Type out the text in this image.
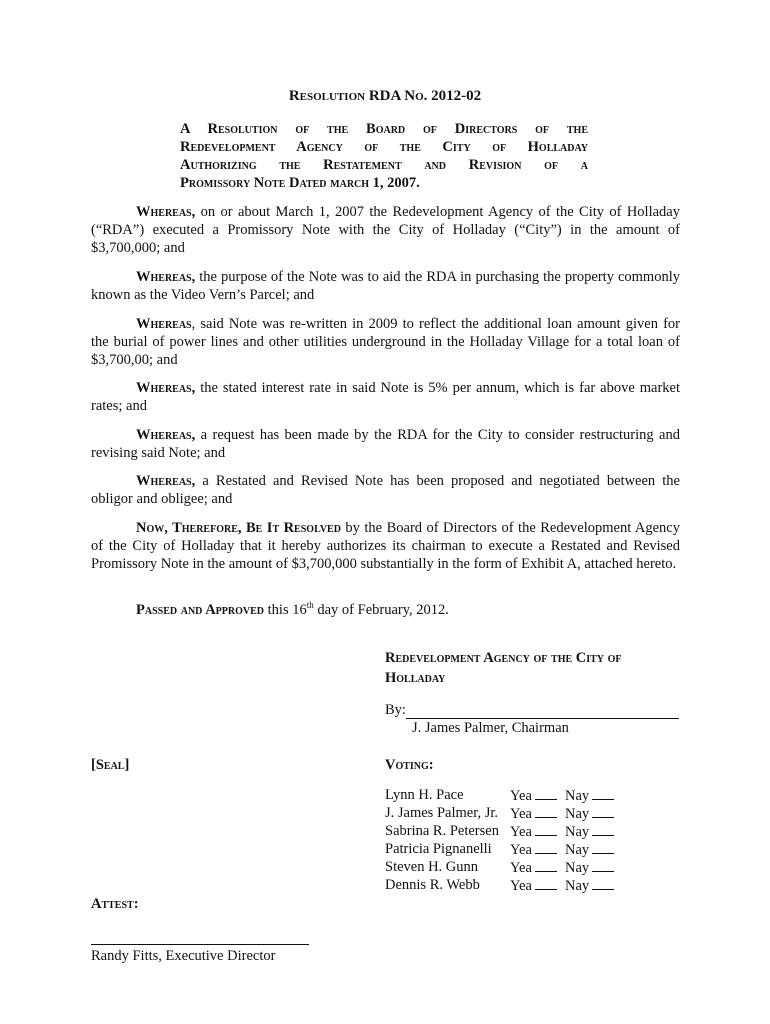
Resolution RDA No. 2012-02
A Resolution of the Board of Directors of the
Redevelopment Agency of the City of Holladay
Authorizing the Restatement and Revision of a
Promissory Note Dated march 1, 2007.
Whereas, on or about March 1, 2007 the Redevelopment Agency of the City of Holladay (“RDA”) executed a Promissory Note with the City of Holladay (“City”) in the amount of $3,700,000; and
Whereas, the purpose of the Note was to aid the RDA in purchasing the property commonly known as the Video Vern’s Parcel; and
Whereas, said Note was re-written in 2009 to reflect the additional loan amount given for the burial of power lines and other utilities underground in the Holladay Village for a total loan of $3,700,00; and
Whereas, the stated interest rate in said Note is 5% per annum, which is far above market rates; and
Whereas, a request has been made by the RDA for the City to consider restructuring and revising said Note; and
Whereas, a Restated and Revised Note has been proposed and negotiated between the obligor and obligee; and
Now, Therefore, Be It Resolved by the Board of Directors of the Redevelopment Agency of the City of Holladay that it hereby authorizes its chairman to execute a Restated and Revised Promissory Note in the amount of $3,700,000 substantially in the form of Exhibit A, attached hereto.
Passed and Approved this 16th day of February, 2012.
Redevelopment Agency of the City of
Holladay
By:
J. James Palmer, Chairman
[Seal]	Voting:
Lynn H. Pace	Yea	Nay
J. James Palmer, Jr. Yea	Nay
Sabrina R. Petersen Yea	Nay
Patricia Pignanelli Yea	Nay
Steven H. Gunn Yea	Nay
Dennis R. Webb Yea	Nay
Attest:
Randy Fitts, Executive Director
